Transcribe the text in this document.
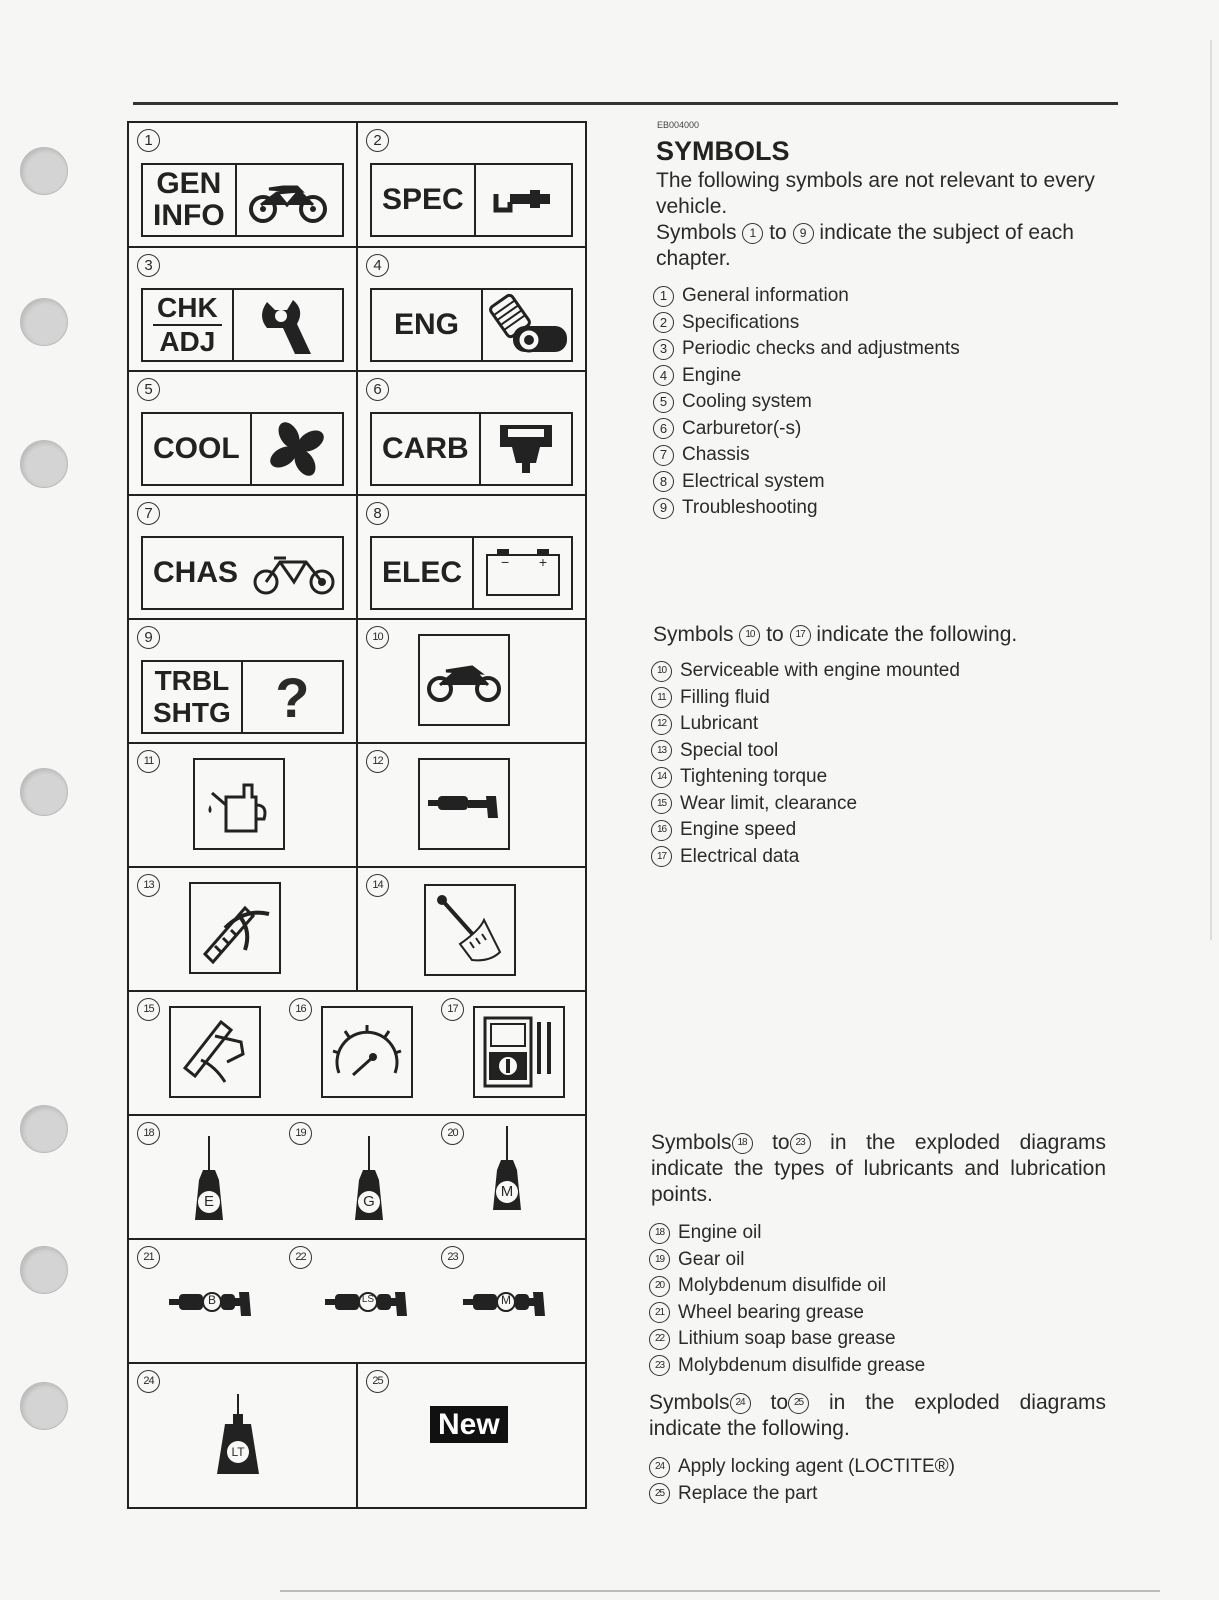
1
GEN
INFO
2
SPEC
3
CHK
ADJ
4
ENG
5
COOL
6
CARB
7
CHAS
8
ELEC	− +
9
TRBL
SHTG ?
10
11	12
13	14
15	16	17
18
E
19
G
20
M
21
B
22
LS
23
M
24
LT
25
New
EB004000
SYMBOLS
The following symbols are not relevant to every vehicle.
Symbols 1 to 9 indicate the subject of each chapter.
1 General information
2 Specifications
3 Periodic checks and adjustments
4 Engine
5 Cooling system
6 Carburetor(-s)
7 Chassis
8 Electrical system
9 Troubleshooting
Symbols 10 to 17 indicate the following.
10 Serviceable with engine mounted
11 Filling fluid
12 Lubricant
13 Special tool
14 Tightening torque
15 Wear limit, clearance
16 Engine speed
17 Electrical data
Symbols 18 to 23 in the exploded diagrams indicate the types of lubricants and lubrication points.
18 Engine oil
19 Gear oil
20 Molybdenum disulfide oil
21 Wheel bearing grease
22 Lithium soap base grease
23 Molybdenum disulfide grease
Symbols 24 to 25 in the exploded diagrams indicate the following.
24 Apply locking agent (LOCTITE®)
25 Replace the part
